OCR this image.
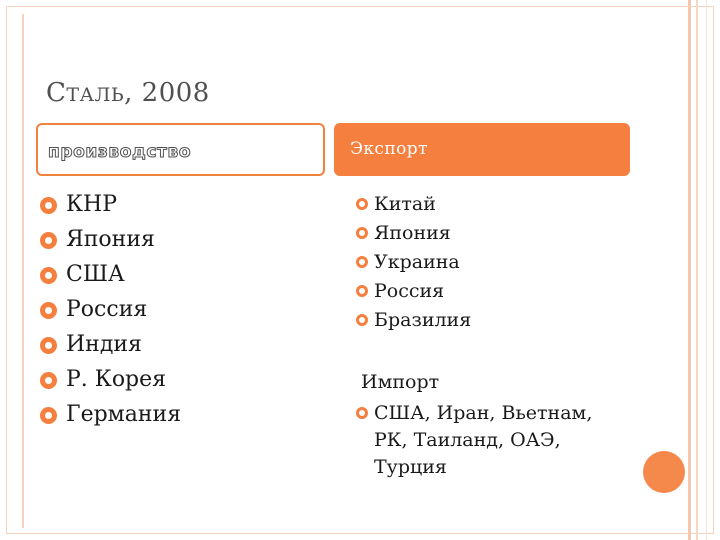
СТАЛЬ, 2008
производство	Экспорт
КНР
Япония
США
Россия
Индия
Р. Корея
Германия
Китай
Япония
Украина
Россия
Бразилия
Импорт
США, Иран, Вьетнам, РК, Таиланд, ОАЭ, Турция
